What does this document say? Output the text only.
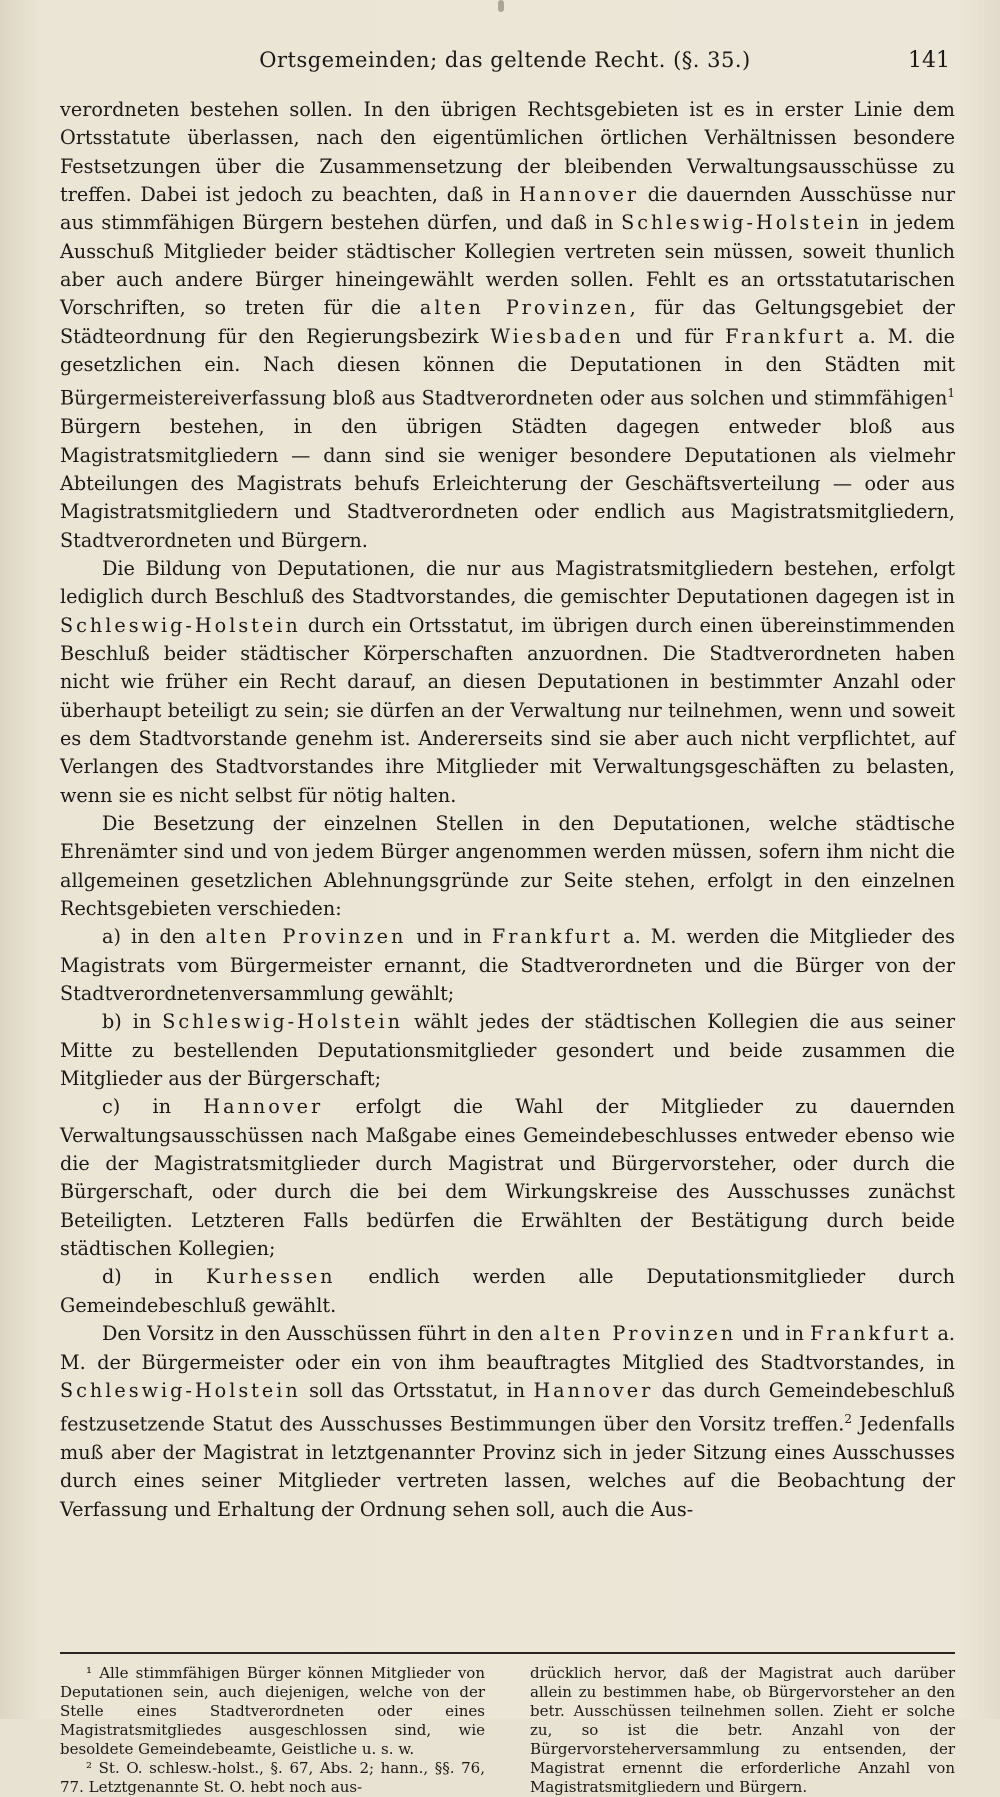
Ortsgemeinden; das geltende Recht. (§. 35.)	141

verordneten bestehen sollen. In den übrigen Rechtsgebieten ist es in erster Linie dem Ortsstatute überlassen, nach den eigentümlichen örtlichen Verhältnissen besondere Festsetzungen über die Zusammensetzung der bleibenden Verwaltungsausschüsse zu treffen. Dabei ist jedoch zu beachten, daß in Hannover die dauernden Ausschüsse nur aus stimmfähigen Bürgern bestehen dürfen, und daß in Schleswig-Holstein in jedem Ausschuß Mitglieder beider städtischer Kollegien vertreten sein müssen, soweit thunlich aber auch andere Bürger hineingewählt werden sollen. Fehlt es an ortsstatutarischen Vorschriften, so treten für die alten Provinzen, für das Geltungsgebiet der Städteordnung für den Regierungsbezirk Wiesbaden und für Frankfurt a. M. die gesetzlichen ein. Nach diesen können die Deputationen in den Städten mit Bürgermeistereiverfassung bloß aus Stadtverordneten oder aus solchen und stimmfähigen$^1$ Bürgern bestehen, in den übrigen Städten dagegen entweder bloß aus Magistratsmitgliedern — dann sind sie weniger besondere Deputationen als vielmehr Abteilungen des Magistrats behufs Erleichterung der Geschäftsverteilung — oder aus Magistratsmitgliedern und Stadtverordneten oder endlich aus Magistratsmitgliedern, Stadtverordneten und Bürgern.

Die Bildung von Deputationen, die nur aus Magistratsmitgliedern bestehen, erfolgt lediglich durch Beschluß des Stadtvorstandes, die gemischter Deputationen dagegen ist in Schleswig-Holstein durch ein Ortsstatut, im übrigen durch einen übereinstimmenden Beschluß beider städtischer Körperschaften anzuordnen. Die Stadtverordneten haben nicht wie früher ein Recht darauf, an diesen Deputationen in bestimmter Anzahl oder überhaupt beteiligt zu sein; sie dürfen an der Verwaltung nur teilnehmen, wenn und soweit es dem Stadtvorstande genehm ist. Andererseits sind sie aber auch nicht verpflichtet, auf Verlangen des Stadtvorstandes ihre Mitglieder mit Verwaltungsgeschäften zu belasten, wenn sie es nicht selbst für nötig halten.

Die Besetzung der einzelnen Stellen in den Deputationen, welche städtische Ehrenämter sind und von jedem Bürger angenommen werden müssen, sofern ihm nicht die allgemeinen gesetzlichen Ablehnungsgründe zur Seite stehen, erfolgt in den einzelnen Rechtsgebieten verschieden:

a) in den alten Provinzen und in Frankfurt a. M. werden die Mitglieder des Magistrats vom Bürgermeister ernannt, die Stadtverordneten und die Bürger von der Stadtverordnetenversammlung gewählt;

b) in Schleswig-Holstein wählt jedes der städtischen Kollegien die aus seiner Mitte zu bestellenden Deputationsmitglieder gesondert und beide zusammen die Mitglieder aus der Bürgerschaft;

c) in Hannover erfolgt die Wahl der Mitglieder zu dauernden Verwaltungsausschüssen nach Maßgabe eines Gemeindebeschlusses entweder ebenso wie die der Magistratsmitglieder durch Magistrat und Bürgervorsteher, oder durch die Bürgerschaft, oder durch die bei dem Wirkungskreise des Ausschusses zunächst Beteiligten. Letzteren Falls bedürfen die Erwählten der Bestätigung durch beide städtischen Kollegien;

d) in Kurhessen endlich werden alle Deputationsmitglieder durch Gemeindebeschluß gewählt.

Den Vorsitz in den Ausschüssen führt in den alten Provinzen und in Frankfurt a. M. der Bürgermeister oder ein von ihm beauftragtes Mitglied des Stadtvorstandes, in Schleswig-Holstein soll das Ortsstatut, in Hannover das durch Gemeindebeschluß festzusetzende Statut des Ausschusses Bestimmungen über den Vorsitz treffen.$^2$ Jedenfalls muß aber der Magistrat in letztgenannter Provinz sich in jeder Sitzung eines Ausschusses durch eines seiner Mitglieder vertreten lassen, welches auf die Beobachtung der Verfassung und Erhaltung der Ordnung sehen soll, auch die Aus-

¹ Alle stimmfähigen Bürger können Mitglieder von Deputationen sein, auch diejenigen, welche von der Stelle eines Stadtverordneten oder eines Magistratsmitgliedes ausgeschlossen sind, wie besoldete Gemeindebeamte, Geistliche u. s. w.

² St. O. schlesw.-holst., §. 67, Abs. 2; hann., §§. 76, 77. Letztgenannte St. O. hebt noch aus-

drücklich hervor, daß der Magistrat auch darüber allein zu bestimmen habe, ob Bürgervorsteher an den betr. Ausschüssen teilnehmen sollen. Zieht er solche zu, so ist die betr. Anzahl von der Bürgervorsteherversammlung zu entsenden, der Magistrat ernennt die erforderliche Anzahl von Magistratsmitgliedern und Bürgern.
